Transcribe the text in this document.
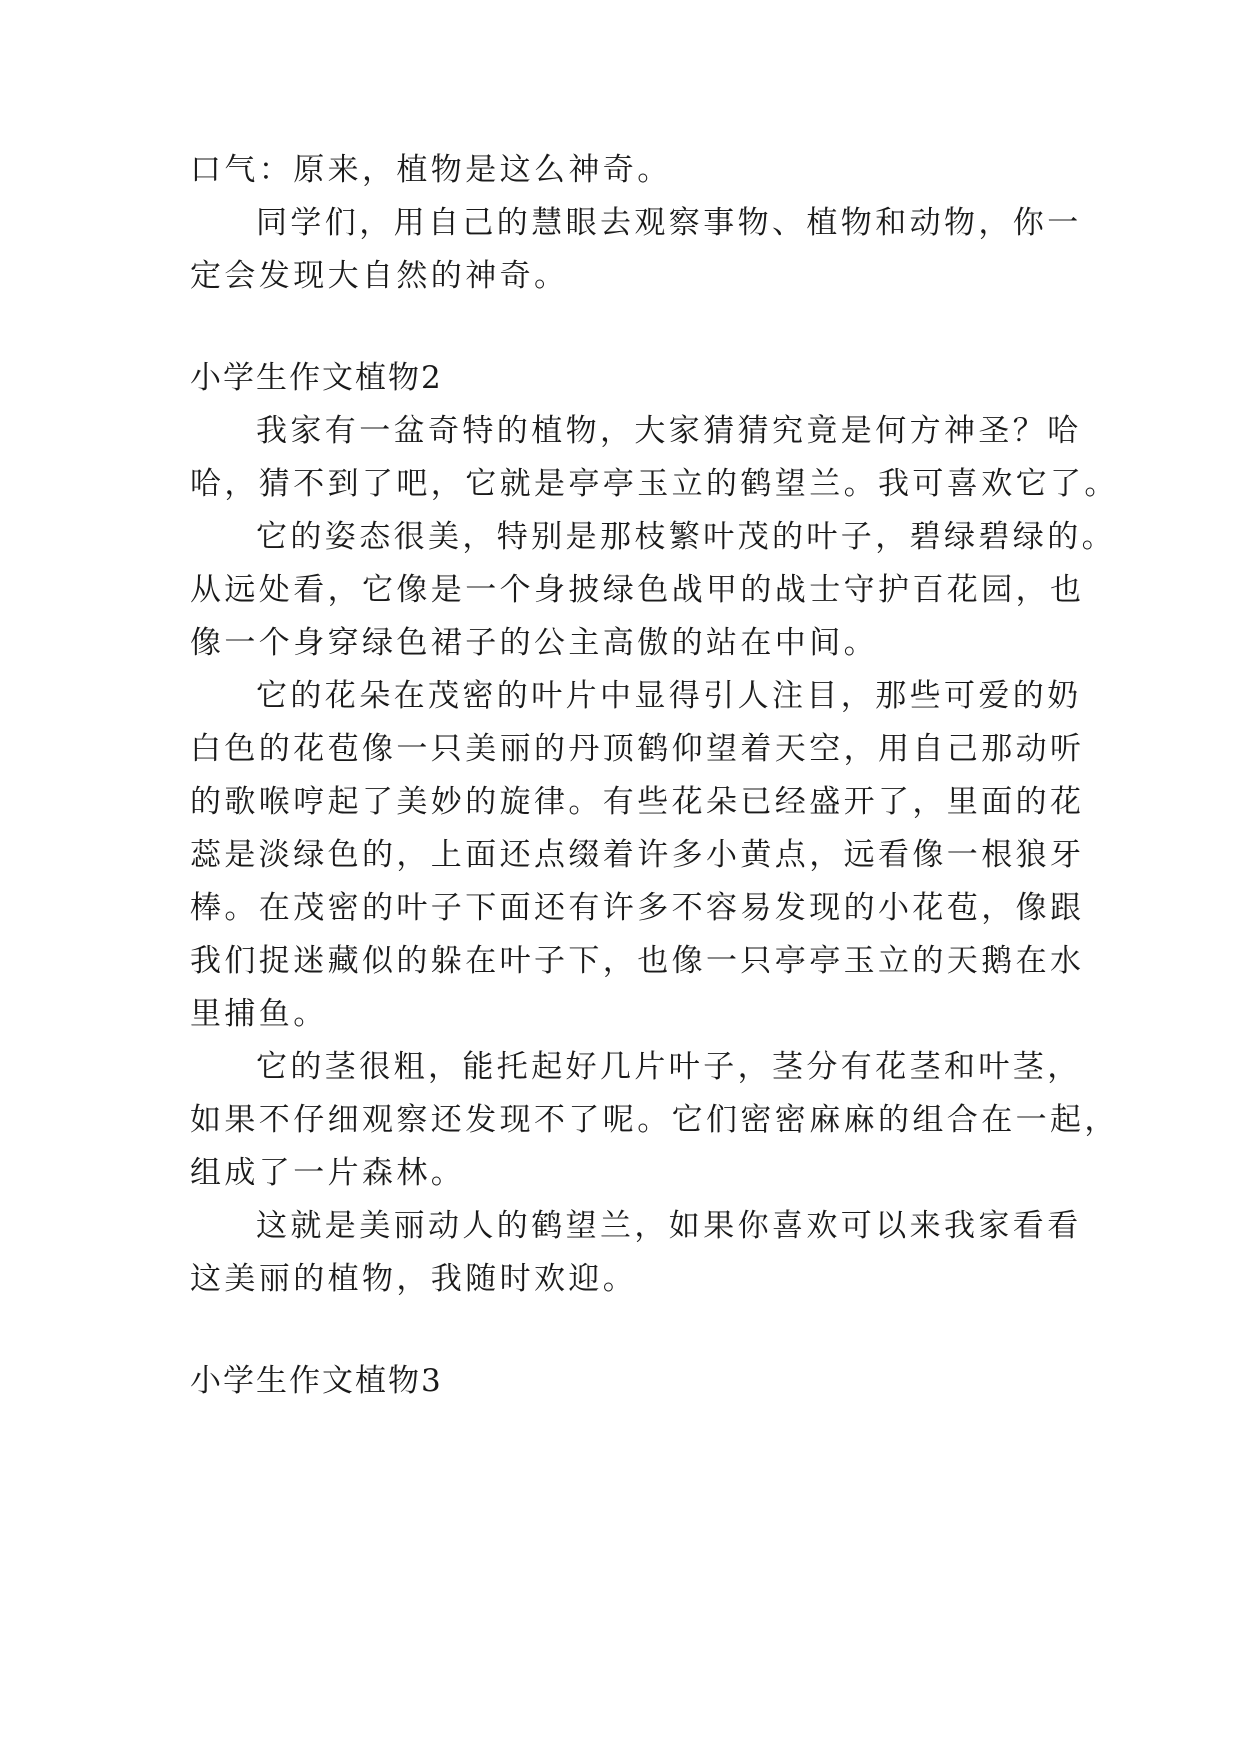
口气：原来，植物是这么神奇。
同学们，用自己的慧眼去观察事物、植物和动物，你一
定会发现大自然的神奇。
小学生作文植物2
我家有一盆奇特的植物，大家猜猜究竟是何方神圣？哈
哈，猜不到了吧，它就是亭亭玉立的鹤望兰。我可喜欢它了。
它的姿态很美，特别是那枝繁叶茂的叶子，碧绿碧绿的。
从远处看，它像是一个身披绿色战甲的战士守护百花园，也
像一个身穿绿色裙子的公主高傲的站在中间。
它的花朵在茂密的叶片中显得引人注目，那些可爱的奶
白色的花苞像一只美丽的丹顶鹤仰望着天空，用自己那动听
的歌喉哼起了美妙的旋律。有些花朵已经盛开了，里面的花
蕊是淡绿色的，上面还点缀着许多小黄点，远看像一根狼牙
棒。在茂密的叶子下面还有许多不容易发现的小花苞，像跟
我们捉迷藏似的躲在叶子下，也像一只亭亭玉立的天鹅在水
里捕鱼。
它的茎很粗，能托起好几片叶子，茎分有花茎和叶茎，
如果不仔细观察还发现不了呢。它们密密麻麻的组合在一起，
组成了一片森林。
这就是美丽动人的鹤望兰，如果你喜欢可以来我家看看
这美丽的植物，我随时欢迎。
小学生作文植物3
